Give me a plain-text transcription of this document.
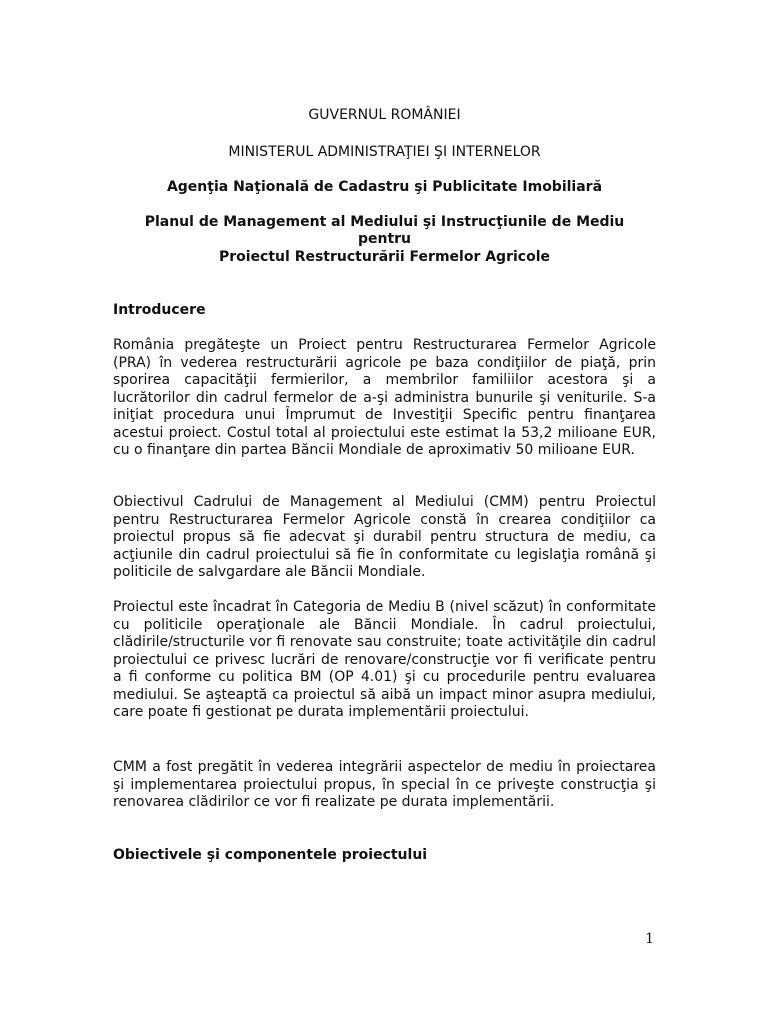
GUVERNUL ROMÂNIEI
MINISTERUL ADMINISTRAŢIEI ŞI INTERNELOR
Agenţia Naţională de Cadastru şi Publicitate Imobiliară
Planul de Management al Mediului şi Instrucţiunile de Mediu
pentru
Proiectul Restructurării Fermelor Agricole
Introducere

România pregăteşte un Proiect pentru Restructurarea Fermelor Agricole (PRA) în vederea restructurării agricole pe baza condiţiilor de piaţă, prin sporirea capacităţii fermierilor, a membrilor familiilor acestora şi a lucrătorilor din cadrul fermelor de a-şi administra bunurile şi veniturile. S-a iniţiat procedura unui Împrumut de Investiţii Specific pentru finanţarea acestui proiect. Costul total al proiectului este estimat la 53,2 milioane EUR, cu o finanţare din partea Băncii Mondiale de aproximativ 50 milioane EUR.

Obiectivul Cadrului de Management al Mediului (CMM) pentru Proiectul pentru Restructurarea Fermelor Agricole constă în crearea condiţiilor ca proiectul propus să fie adecvat şi durabil pentru structura de mediu, ca acţiunile din cadrul proiectului să fie în conformitate cu legislaţia română şi politicile de salvgardare ale Băncii Mondiale.

Proiectul este încadrat în Categoria de Mediu B (nivel scăzut) în conformitate cu politicile operaţionale ale Băncii Mondiale. În cadrul proiectului, clădirile/structurile vor fi renovate sau construite; toate activităţile din cadrul proiectului ce privesc lucrări de renovare/construcţie vor fi verificate pentru a fi conforme cu politica BM (OP 4.01) şi cu procedurile pentru evaluarea mediului. Se aşteaptă ca proiectul să aibă un impact minor asupra mediului, care poate fi gestionat pe durata implementării proiectului.

CMM a fost pregătit în vederea integrării aspectelor de mediu în proiectarea şi implementarea proiectului propus, în special în ce priveşte construcţia şi renovarea clădirilor ce vor fi realizate pe durata implementării.

Obiectivele şi componentele proiectului
1
